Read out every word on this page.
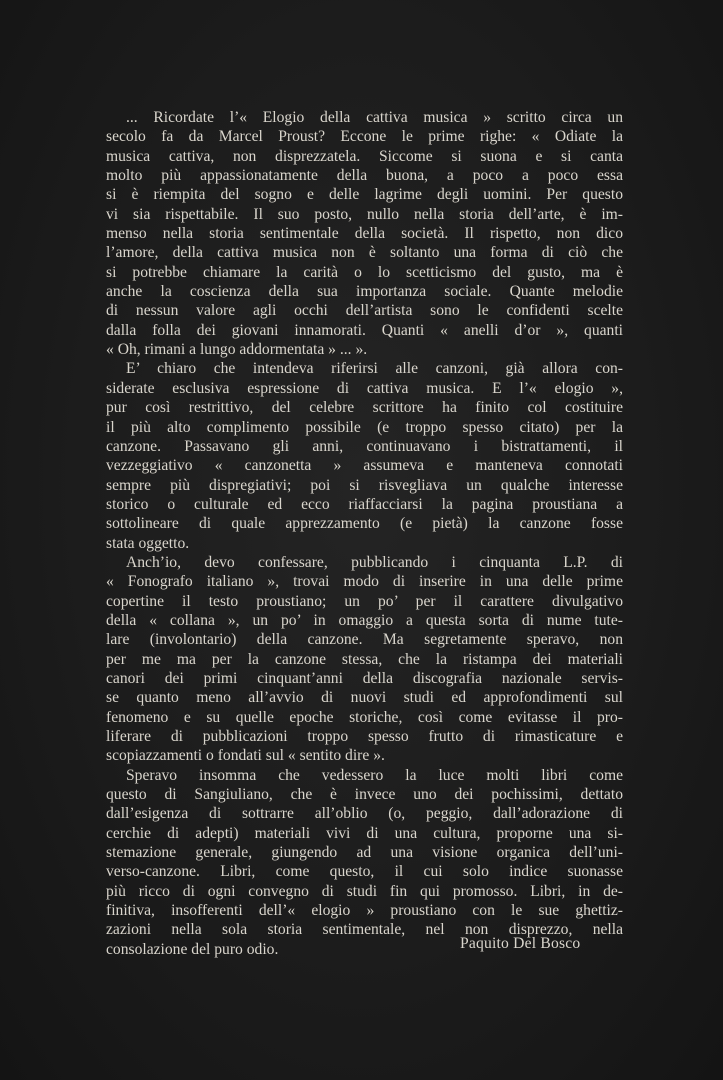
... Ricordate l’« Elogio della cattiva musica » scritto circa un
secolo fa da Marcel Proust? Eccone le prime righe: « Odiate la
musica cattiva, non disprezzatela. Siccome si suona e si canta
molto più appassionatamente della buona, a poco a poco essa
si è riempita del sogno e delle lagrime degli uomini. Per questo
vi sia rispettabile. Il suo posto, nullo nella storia dell’arte, è im-
menso nella storia sentimentale della società. Il rispetto, non dico
l’amore, della cattiva musica non è soltanto una forma di ciò che
si potrebbe chiamare la carità o lo scetticismo del gusto, ma è
anche la coscienza della sua importanza sociale. Quante melodie
di nessun valore agli occhi dell’artista sono le confidenti scelte
dalla folla dei giovani innamorati. Quanti « anelli d’or », quanti
« Oh, rimani a lungo addormentata » ... ».
E’ chiaro che intendeva riferirsi alle canzoni, già allora con-
siderate esclusiva espressione di cattiva musica. E l’« elogio »,
pur così restrittivo, del celebre scrittore ha finito col costituire
il più alto complimento possibile (e troppo spesso citato) per la
canzone. Passavano gli anni, continuavano i bistrattamenti, il
vezzeggiativo « canzonetta » assumeva e manteneva connotati
sempre più dispregiativi; poi si risvegliava un qualche interesse
storico o culturale ed ecco riaffacciarsi la pagina proustiana a
sottolineare di quale apprezzamento (e pietà) la canzone fosse
stata oggetto.
Anch’io, devo confessare, pubblicando i cinquanta L.P. di
« Fonografo italiano », trovai modo di inserire in una delle prime
copertine il testo proustiano; un po’ per il carattere divulgativo
della « collana », un po’ in omaggio a questa sorta di nume tute-
lare (involontario) della canzone. Ma segretamente speravo, non
per me ma per la canzone stessa, che la ristampa dei materiali
canori dei primi cinquant’anni della discografia nazionale servis-
se quanto meno all’avvio di nuovi studi ed approfondimenti sul
fenomeno e su quelle epoche storiche, così come evitasse il pro-
liferare di pubblicazioni troppo spesso frutto di rimasticature e
scopiazzamenti o fondati sul « sentito dire ».
Speravo insomma che vedessero la luce molti libri come
questo di Sangiuliano, che è invece uno dei pochissimi, dettato
dall’esigenza di sottrarre all’oblio (o, peggio, dall’adorazione di
cerchie di adepti) materiali vivi di una cultura, proporne una si-
stemazione generale, giungendo ad una visione organica dell’uni-
verso-canzone. Libri, come questo, il cui solo indice suonasse
più ricco di ogni convegno di studi fin qui promosso. Libri, in de-
finitiva, insofferenti dell’« elogio » proustiano con le sue ghettiz-
zazioni nella sola storia sentimentale, nel non disprezzo, nella
consolazione del puro odio.	Paquito Del Bosco
